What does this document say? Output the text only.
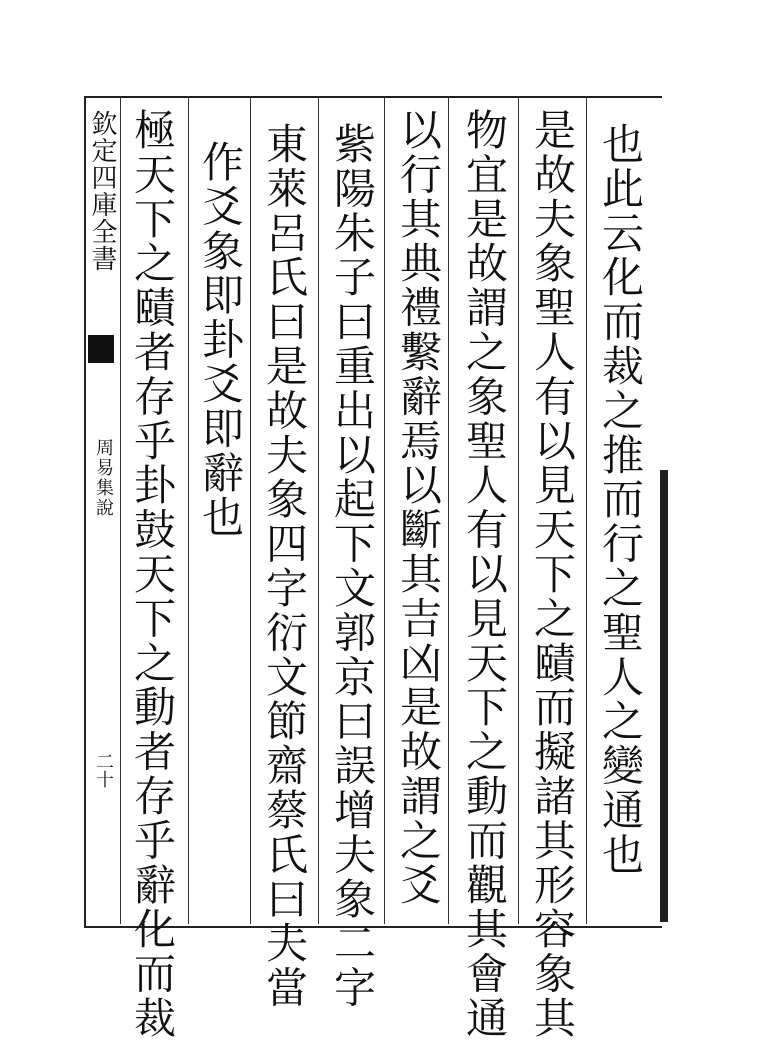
欽定四庫全書
周易集說
二十	也此云化而裁之推而行之聖人之變通也
是故夫象聖人有以見天下之賾而擬諸其形容象其
物宜是故謂之象聖人有以見天下之動而觀其會通
以行其典禮繫辭焉以斷其吉凶是故謂之爻
紫陽朱子曰重出以起下文郭京曰誤增夫象二字
東萊呂氏曰是故夫象四字衍文節齋蔡氏曰夫當
作爻象即卦爻即辭也
極天下之賾者存乎卦鼓天下之動者存乎辭化而裁
